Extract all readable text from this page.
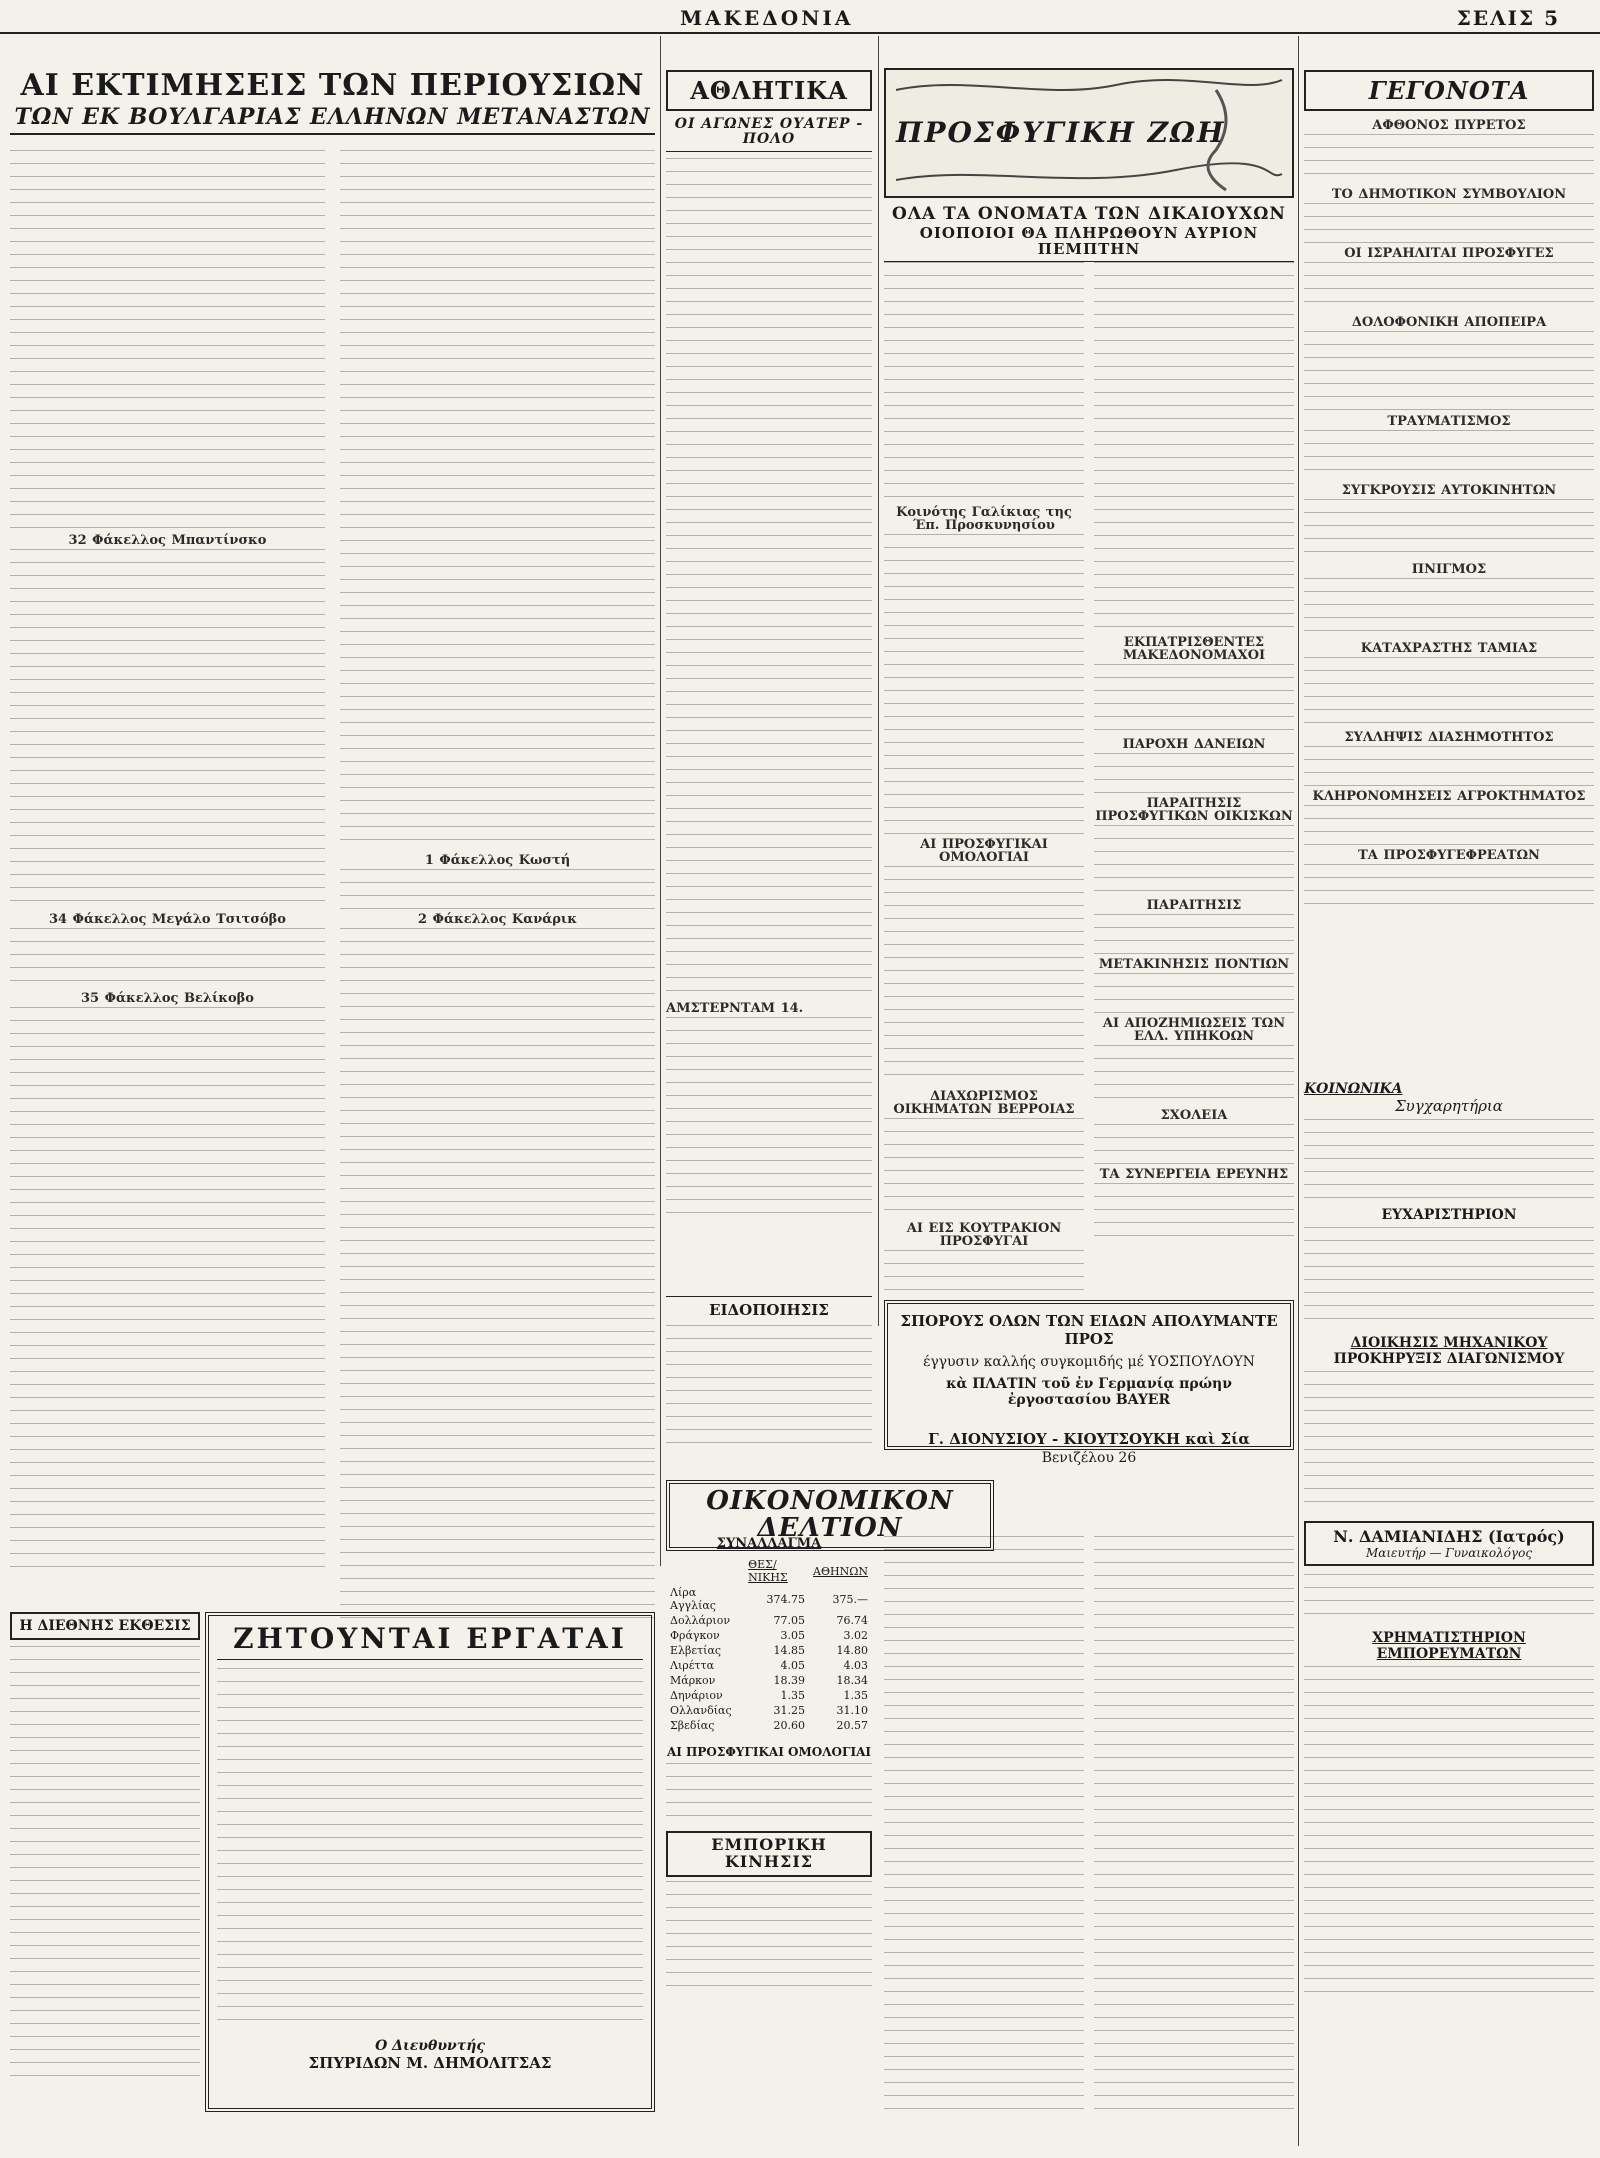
ΜΑΚΕΔΟΝΙΑ	ΣΕΛΙΣ 5
ΑΙ ΕΚΤΙΜΗΣΕΙΣ ΤΩΝ ΠΕΡΙΟΥΣΙΩΝ
ΤΩΝ ΕΚ ΒΟΥΛΓΑΡΙΑΣ ΕΛΛΗΝΩΝ ΜΕΤΑΝΑΣΤΩΝ
32 Φάκελλος Μπαντίνσκο
34 Φάκελλος Μεγάλο Τσιτσόβο
35 Φάκελλος Βελίκοβο
1 Φάκελλος Κωστή
2 Φάκελλος Κανάρικ
ΑΘΛΗΤΙΚΑ
ΟΙ ΑΓΩΝΕΣ ΟΥΑΤΕΡ - ΠΟΛΟ
ΑΜΣΤΕΡΝΤΑΜ 14.
ΠΡΟΣΦΥΓΙΚΗ ΖΩΗ
ΟΛΑ ΤΑ ΟΝΟΜΑΤΑ ΤΩΝ ΔΙΚΑΙΟΥΧΩΝ
ΟΙΟΠΟΙΟΙ ΘΑ ΠΛΗΡΩΘΟΥΝ ΑΥΡΙΟΝ ΠΕΜΠΤΗΝ
Κοινότης Γαλίκιας της Έπ. Προσκυνησίου
ΑΙ ΠΡΟΣΦΥΓΙΚΑΙ ΟΜΟΛΟΓΙΑΙ
ΔΙΑΧΩΡΙΣΜΟΣ ΟΙΚΗΜΑΤΩΝ ΒΕΡΡΟΙΑΣ
ΑΙ ΕΙΣ ΚΟΥΤΡΑΚΙΟΝ ΠΡΟΣΦΥΓΑΙ
ΕΚΠΑΤΡΙΣΘΕΝΤΕΣ ΜΑΚΕΔΟΝΟΜΑΧΟΙ
ΠΑΡΟΧΗ ΔΑΝΕΙΩΝ
ΠΑΡΑΙΤΗΣΙΣ ΠΡΟΣΦΥΓΙΚΩΝ ΟΙΚΙΣΚΩΝ
ΠΑΡΑΙΤΗΣΙΣ
ΜΕΤΑΚΙΝΗΣΙΣ ΠΟΝΤΙΩΝ
ΑΙ ΑΠΟΖΗΜΙΩΣΕΙΣ ΤΩΝ ΕΛΛ. ΥΠΗΚΟΩΝ
ΣΧΟΛΕΙΑ
ΤΑ ΣΥΝΕΡΓΕΙΑ ΕΡΕΥΝΗΣ
ΓΕΓΟΝΟΤΑ
ΑΦΘΟΝΟΣ ΠΥΡΕΤΟΣ
ΤΟ ΔΗΜΟΤΙΚΟΝ ΣΥΜΒΟΥΛΙΟΝ
ΟΙ ΙΣΡΑΗΛΙΤΑΙ ΠΡΟΣΦΥΓΕΣ
ΔΟΛΟΦΟΝΙΚΗ ΑΠΟΠΕΙΡΑ
ΤΡΑΥΜΑΤΙΣΜΟΣ
ΣΥΓΚΡΟΥΣΙΣ ΑΥΤΟΚΙΝΗΤΩΝ
ΠΝΙΓΜΟΣ
ΚΑΤΑΧΡΑΣΤΗΣ ΤΑΜΙΑΣ
ΣΥΛΛΗΨΙΣ ΔΙΑΣΗΜΟΤΗΤΟΣ
ΚΛΗΡΟΝΟΜΗΣΕΙΣ ΑΓΡΟΚΤΗΜΑΤΟΣ
ΤΑ ΠΡΟΣΦΥΓΕΦΡΕΑΤΩΝ
ΚΟΙΝΩΝΙΚΑ
Συγχαρητήρια
ΕΥΧΑΡΙΣΤΗΡΙΟΝ
ΔΙΟΙΚΗΣΙΣ ΜΗΧΑΝΙΚΟΥ
ΠΡΟΚΗΡΥΞΙΣ ΔΙΑΓΩΝΙΣΜΟΥ
Ν. ΔΑΜΙΑΝΙΔΗΣ (Ιατρός)
Μαιευτήρ — Γυναικολόγος
ΧΡΗΜΑΤΙΣΤΗΡΙΟΝ ΕΜΠΟΡΕΥΜΑΤΩΝ
ΣΠΟΡΟΥΣ ΟΛΩΝ ΤΩΝ ΕΙΔΩΝ ΑΠΟΛΥΜΑΝΤΕ ΠΡΟΣ
έγγυσιν καλλής συγκομιδής μέ ΥΟΣΠΟΥΛΟΥΝ
κὰ ΠΛΑΤΙΝ τοῦ ἐν Γερμανίᾳ πρώην ἐργοστασίου BAYER
Γ. ΔΙΟΝΥΣΙΟΥ - ΚΙΟΥΤΣΟΥΚΗ καὶ Σία
Βενιζέλου 26
ΕΙΔΟΠΟΙΗΣΙΣ
ΟΙΚΟΝΟΜΙΚΟΝ ΔΕΛΤΙΟΝ
ΣΥΝΑΛΛΑΓΜΑ
	ΘΕΣ/ΝΙΚΗΣ	ΑΘΗΝΩΝ
Λίρα Αγγλίας	374.75	375.—
Δολλάριον	77.05	76.74
Φράγκον	3.05	3.02
Ελβετίας	14.85	14.80
Λιρέττα	4.05	4.03
Μάρκον	18.39	18.34
Δηνάριον	1.35	1.35
Ολλανδίας	31.25	31.10
Σβεδίας	20.60	20.57
ΑΙ ΠΡΟΣΦΥΓΙΚΑΙ ΟΜΟΛΟΓΙΑΙ
ΕΜΠΟΡΙΚΗ ΚΙΝΗΣΙΣ
Η ΔΙΕΘΝΗΣ ΕΚΘΕΣΙΣ	ΖΗΤΟΥΝΤΑΙ ΕΡΓΑΤΑΙ
Ο Διευθυντής
ΣΠΥΡΙΔΩΝ Μ. ΔΗΜΟΛΙΤΣΑΣ
